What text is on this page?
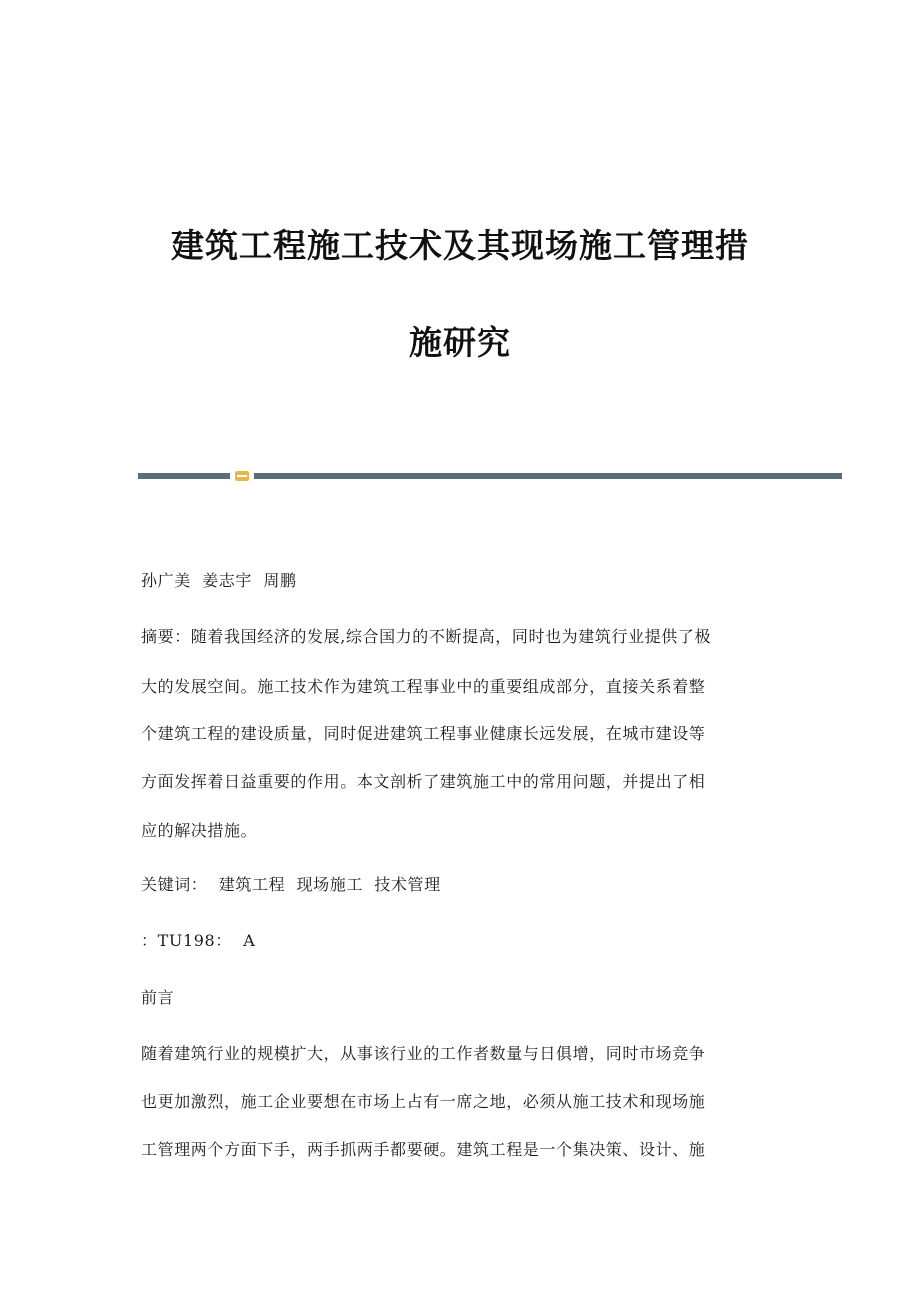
建筑工程施工技术及其现场施工管理措
施研究
孙广美  姜志宇  周鹏
摘要：随着我国经济的发展,综合国力的不断提高，同时也为建筑行业提供了极
大的发展空间。施工技术作为建筑工程事业中的重要组成部分，直接关系着整
个建筑工程的建设质量，同时促进建筑工程事业健康长远发展，在城市建设等
方面发挥着日益重要的作用。本文剖析了建筑施工中的常用问题，并提出了相
应的解决措施。
关键词：  建筑工程  现场施工  技术管理
：TU198：  A
前言
随着建筑行业的规模扩大，从事该行业的工作者数量与日俱增，同时市场竞争
也更加激烈，施工企业要想在市场上占有一席之地，必须从施工技术和现场施
工管理两个方面下手，两手抓两手都要硬。建筑工程是一个集决策、设计、施
